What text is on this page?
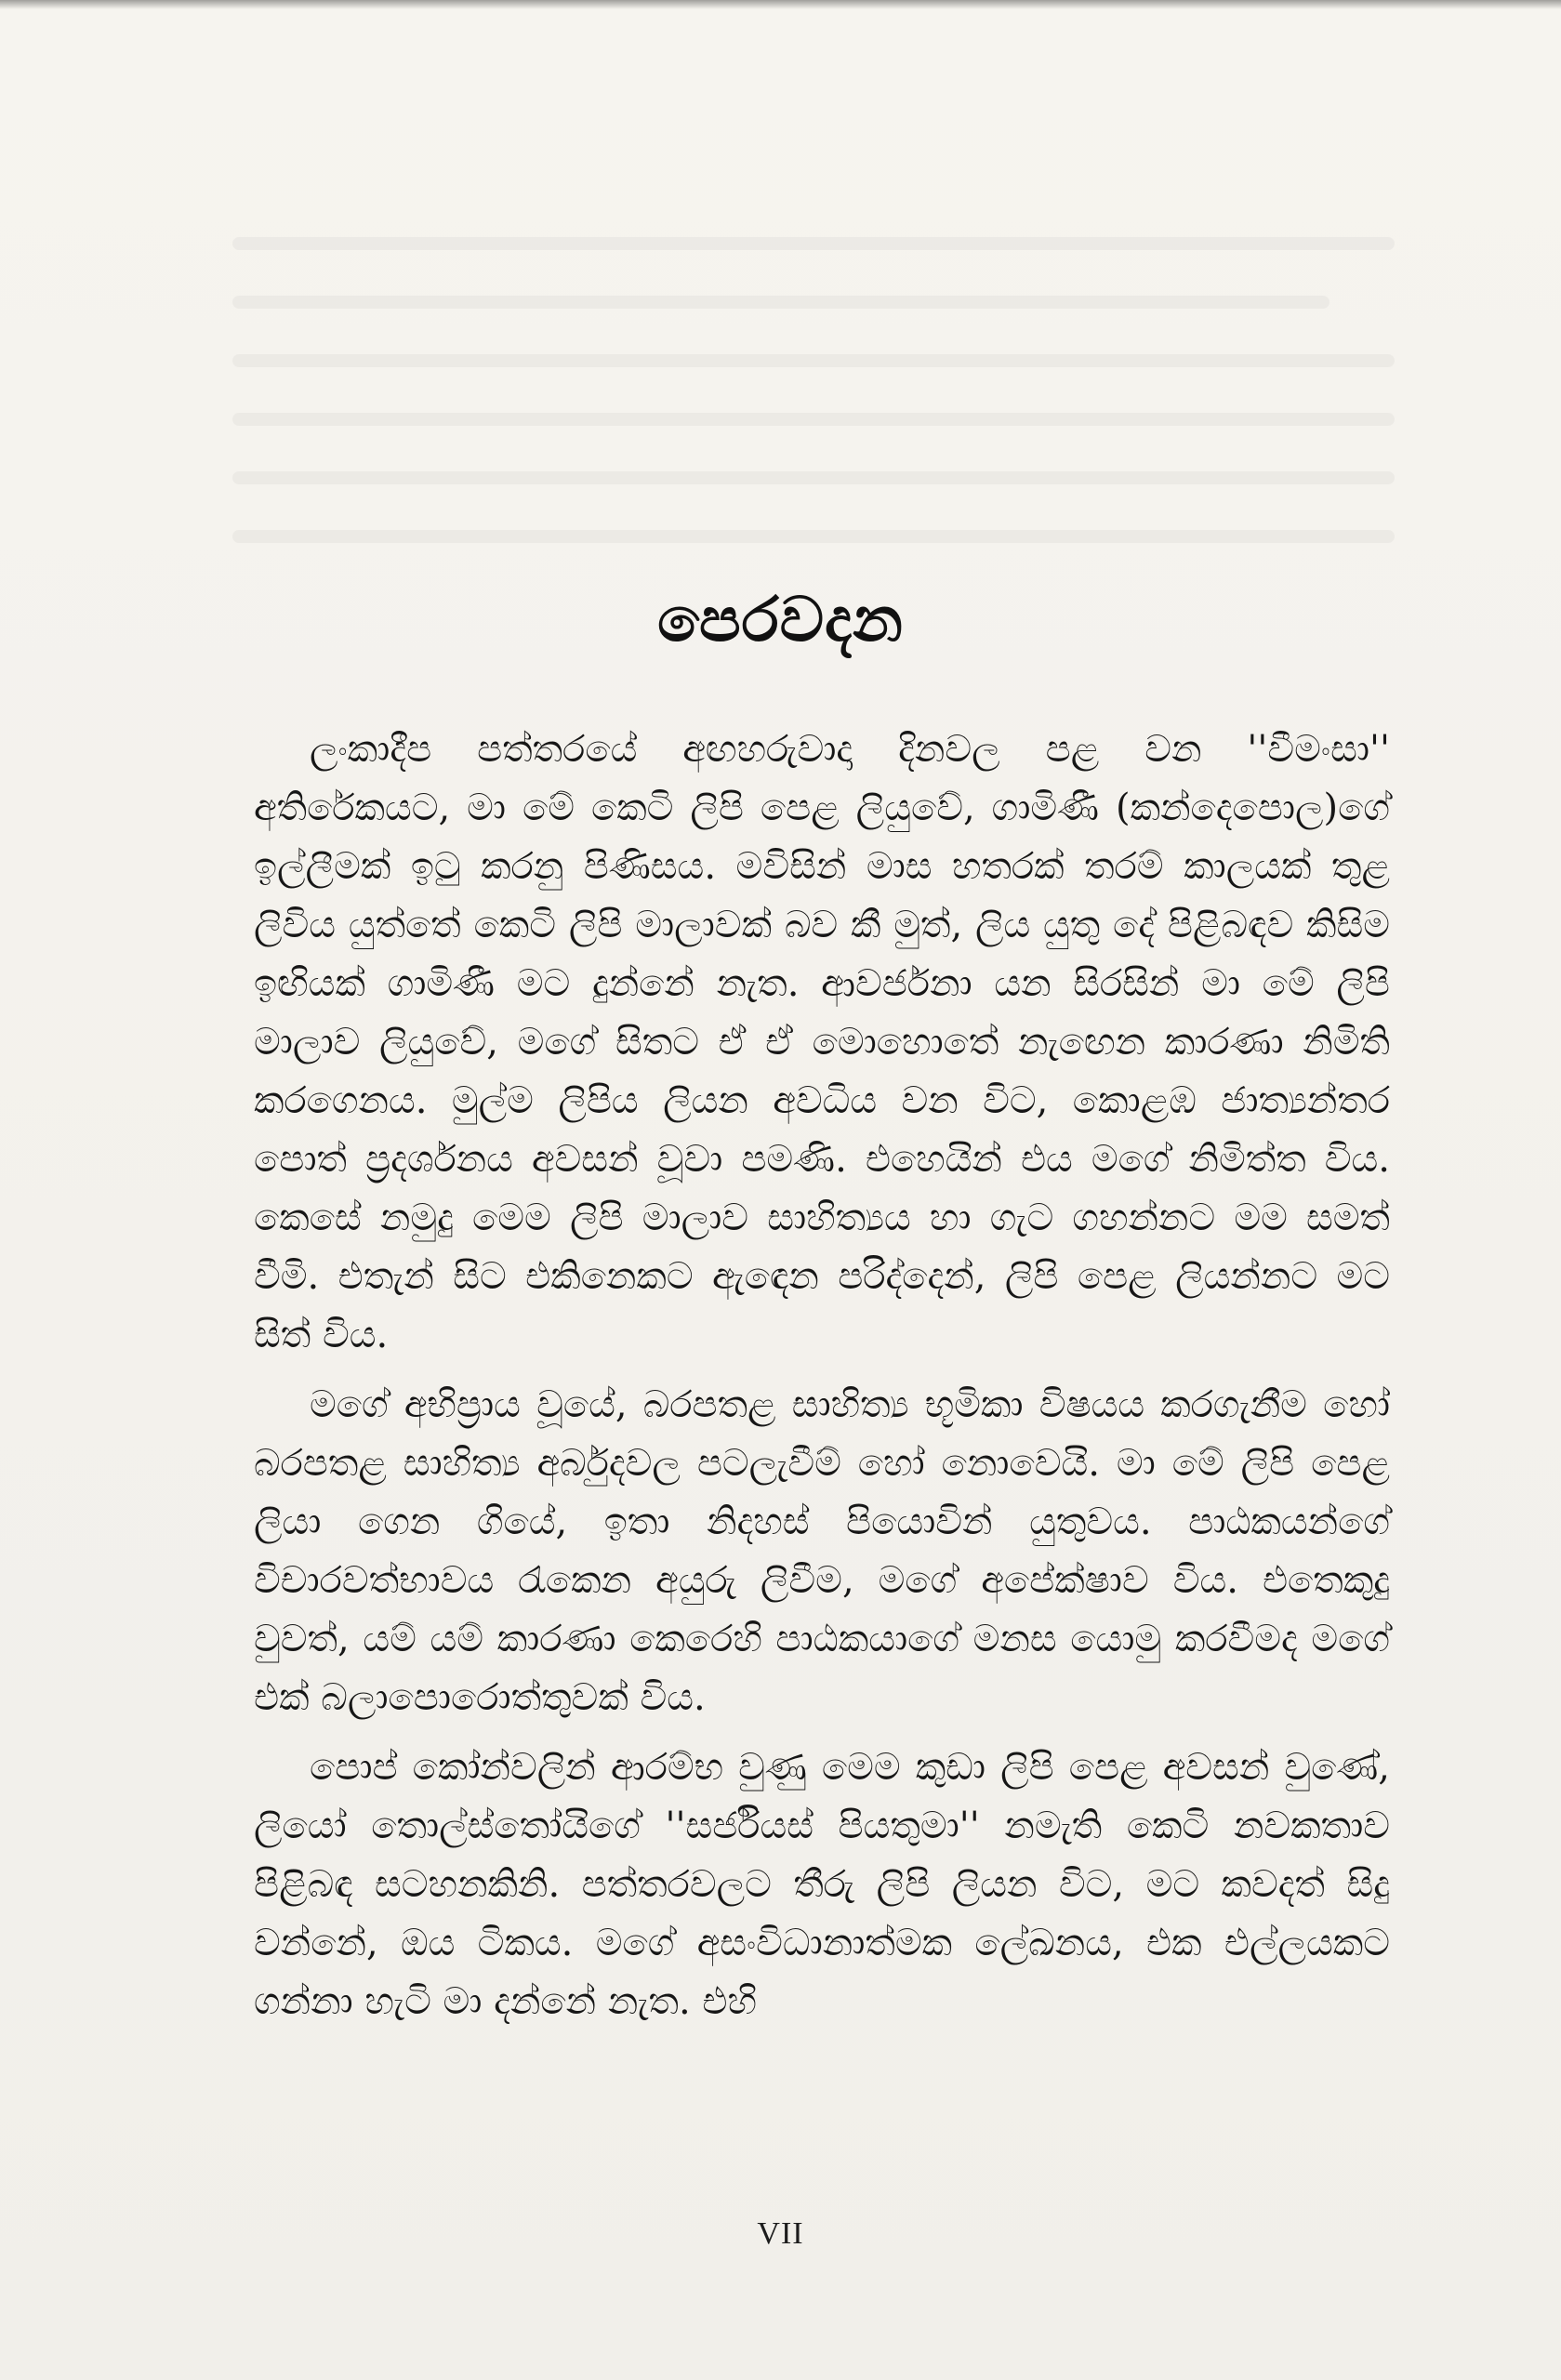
පෙරවදන

ලංකාදීප පත්තරයේ අඟහරුවාදා දිනවල පළ වන ''වීමංසා'' අතිරේකයට, මා මේ කෙටි ලිපි පෙළ ලියුවේ, ගාමිණී (කන්දෙපොල)ගේ ඉල්ලීමක් ඉටු කරනු පිණිසය. මවිසින් මාස හතරක් තරම් කාලයක් තුළ ලිවිය යුත්තේ කෙටි ලිපි මාලාවක් බව කී මුත්, ලිය යුතු දේ පිළිබඳව කිසිම ඉඟියක් ගාමිණී මට දුන්නේ නැත. ආවර්ජනා යන සිරසින් මා මේ ලිපි මාලාව ලියුවේ, මගේ සිතට ඒ ඒ මොහොතේ නැඟෙන කාරණා නිමිති කරගෙනය. මුල්ම ලිපිය ලියන අවධිය වන විට, කොළඹ ජාත්‍යන්තර පොත් ප්‍රදර්ශනය අවසන් වූවා පමණි. එහෙයින් එය මගේ නිමිත්ත විය. කෙසේ නමුදු මෙම ලිපි මාලාව සාහිත්‍යය හා ගැට ගහන්නට මම සමත් වීමි. එතැන් සිට එකිනෙකට ඇඳෙන පරිද්දෙන්, ලිපි පෙළ ලියන්නට මට සිත් විය.

මගේ අභිප්‍රාය වූයේ, බරපතළ සාහිත්‍ය භූමිකා විෂයය කරගැනීම හෝ බරපතළ සාහිත්‍ය අර්බුදවල පටලැවීම් හෝ නොවෙයි. මා මේ ලිපි පෙළ ලියා ගෙන ගියේ, ඉතා නිදහස් පියොවින් යුතුවය. පාඨකයන්ගේ විචාරවත්භාවය රැකෙන අයුරු ලිවීම, මගේ අපේක්ෂාව විය. එතෙකුදු වුවත්, යම් යම් කාරණා කෙරෙහි පාඨකයාගේ මනස යොමු කරවීමද මගේ එක් බලාපොරොත්තුවක් විය.

පොප් කෝන්වලින් ආරම්භ වුණු මෙම කුඩා ලිපි පෙළ අවසන් වුණේ, ලියෝ තොල්ස්තෝයිගේ ''සර්ජියස් පියතුමා'' නමැති කෙටි නවකතාව පිළිබඳ සටහනකිනි. පත්තරවලට තීරු ලිපි ලියන විට, මට කවදත් සිදු වන්නේ, ඔය ටිකය. මගේ අසංවිධානාත්මක ලේඛනය, එක එල්ලයකට ගන්නා හැටි මා දන්නේ නැත. එහි

VII
